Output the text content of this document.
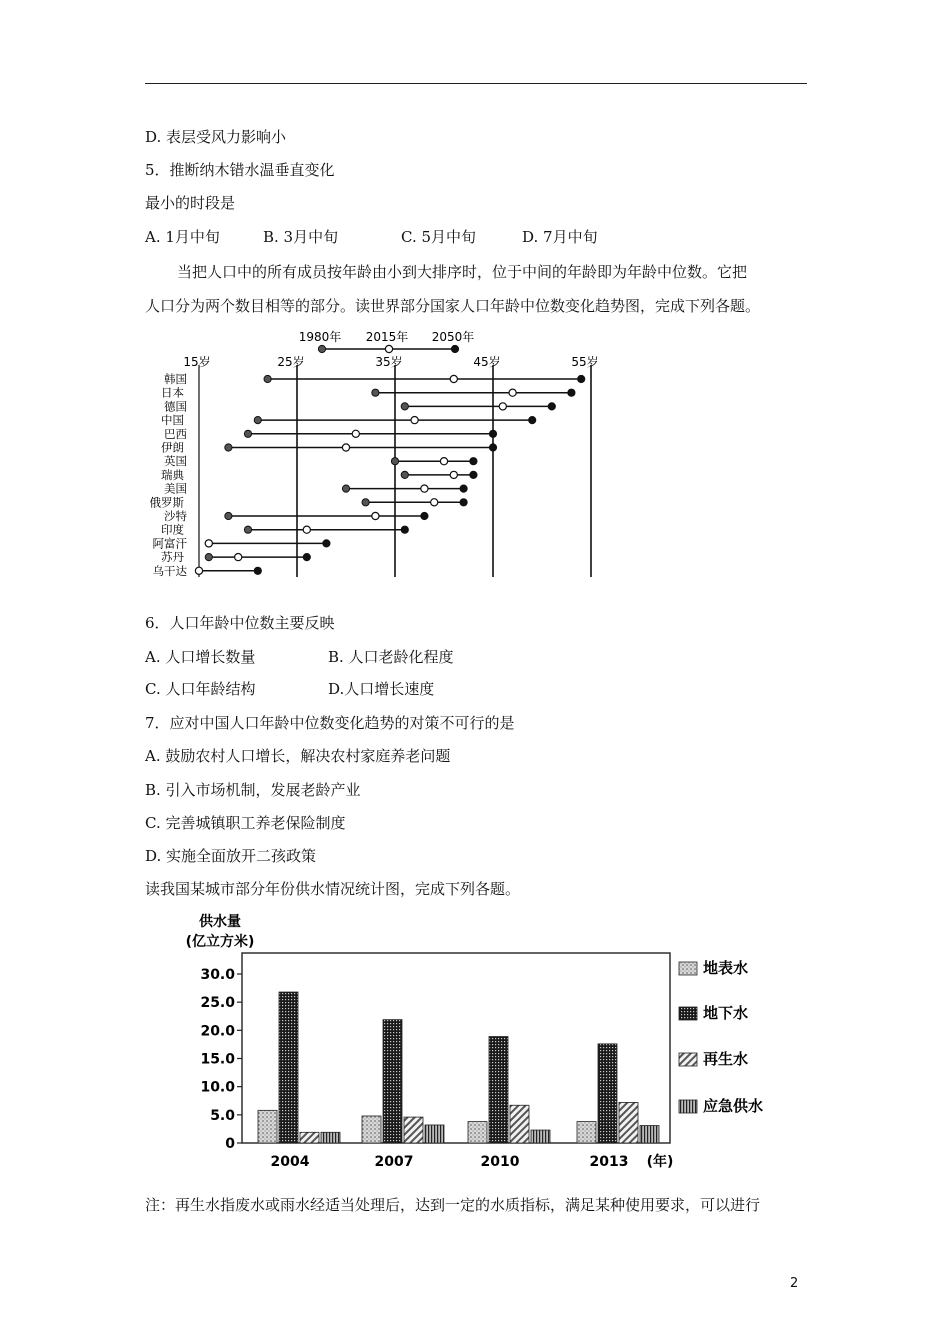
D. 表层受风力影响小
5．推断纳木错水温垂直变化
最小的时段是
A. 1月中旬	B. 3月中旬	C. 5月中旬	D. 7月中旬
当把人口中的所有成员按年龄由小到大排序时，位于中间的年龄即为年龄中位数。它把
人口分为两个数目相等的部分。读世界部分国家人口年龄中位数变化趋势图，完成下列各题。
1980年 2015年 2050年
15岁	25岁	35岁	45岁	55岁
韩国
日本
德国
中国
巴西
伊朗
英国
瑞典
美国
俄罗斯
沙特
印度
阿富汗
苏丹
乌干达
6．人口年龄中位数主要反映
A. 人口增长数量	B. 人口老龄化程度
C. 人口年龄结构	D.人口增长速度
7．应对中国人口年龄中位数变化趋势的对策不可行的是
A. 鼓励农村人口增长，解决农村家庭养老问题
B. 引入市场机制，发展老龄产业
C. 完善城镇职工养老保险制度
D. 实施全面放开二孩政策
读我国某城市部分年份供水情况统计图，完成下列各题。
供水量
(亿立方米)
30.0
25.0
20.0
15.0
10.0
5.0
0
2004	2007	2010	2013 (年)
地表水
地下水
再生水
应急供水
注：再生水指废水或雨水经适当处理后，达到一定的水质指标，满足某种使用要求，可以进行
2
